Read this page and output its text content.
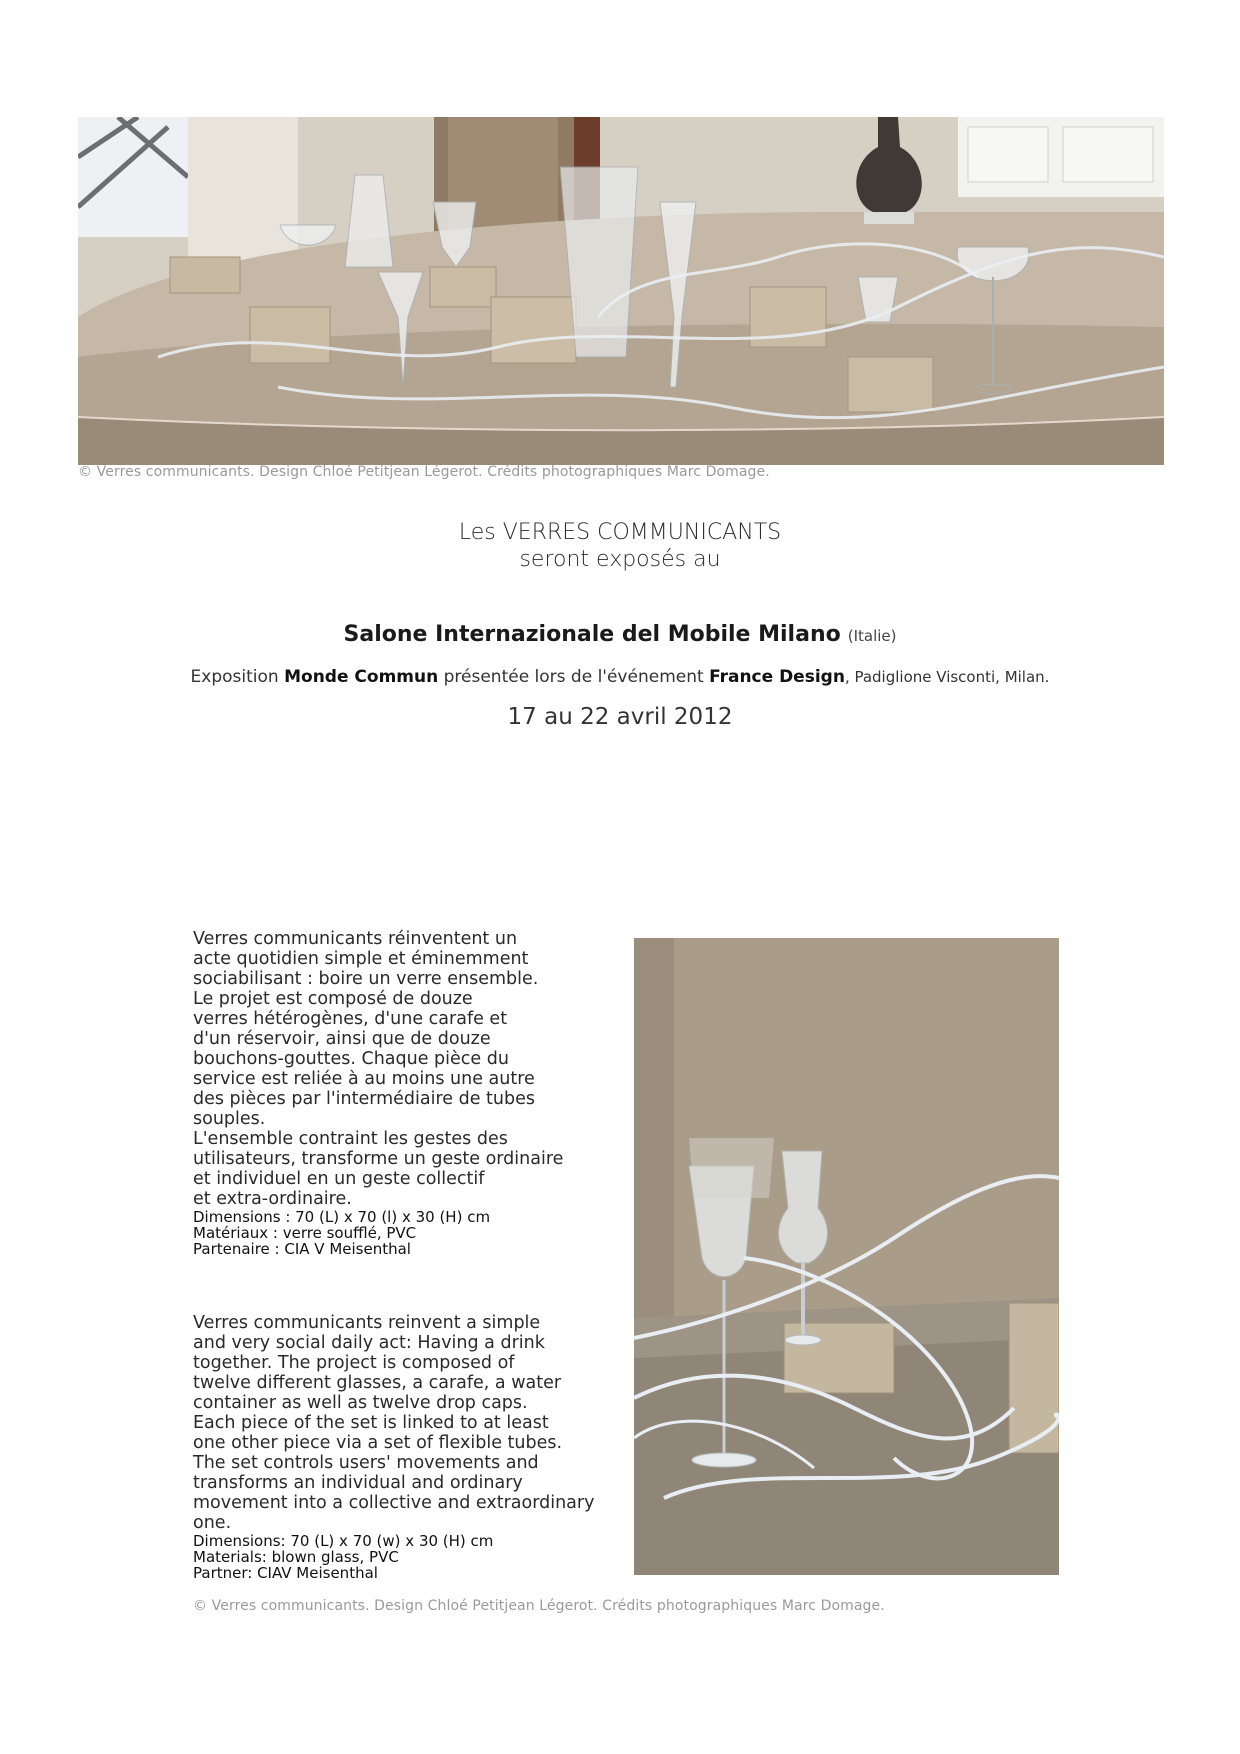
© Verres communicants. Design Chloé Petitjean Légerot. Crédits photographiques Marc Domage.
Les VERRES COMMUNICANTS
seront exposés au
Salone Internazionale del Mobile Milano (Italie)
Exposition Monde Commun présentée lors de l'événement France Design, Padiglione Visconti, Milan.
17 au 22 avril 2012

Verres communicants réinventent un

acte quotidien simple et éminemment

sociabilisant : boire un verre ensemble.

Le projet est composé de douze

verres hétérogènes, d'une carafe et

d'un réservoir, ainsi que de douze

bouchons-gouttes. Chaque pièce du

service est reliée à au moins une autre

des pièces par l'intermédiaire de tubes

souples.

L'ensemble contraint les gestes des

utilisateurs, transforme un geste ordinaire

et individuel en un geste collectif

et extra-ordinaire.

Dimensions : 70 (L) x 70 (l) x 30 (H) cm
Matériaux : verre soufflé, PVC
Partenaire : CIA V Meisenthal

Verres communicants reinvent a simple

and very social daily act: Having a drink

together. The project is composed of

twelve different glasses, a carafe, a water

container as well as twelve drop caps.

Each piece of the set is linked to at least

one other piece via a set of flexible tubes.

The set controls users' movements and

transforms an individual and ordinary

movement into a collective and extraordinary

one.

Dimensions: 70 (L) x 70 (w) x 30 (H) cm
Materials: blown glass, PVC
Partner: CIAV Meisenthal
© Verres communicants. Design Chloé Petitjean Légerot. Crédits photographiques Marc Domage.
